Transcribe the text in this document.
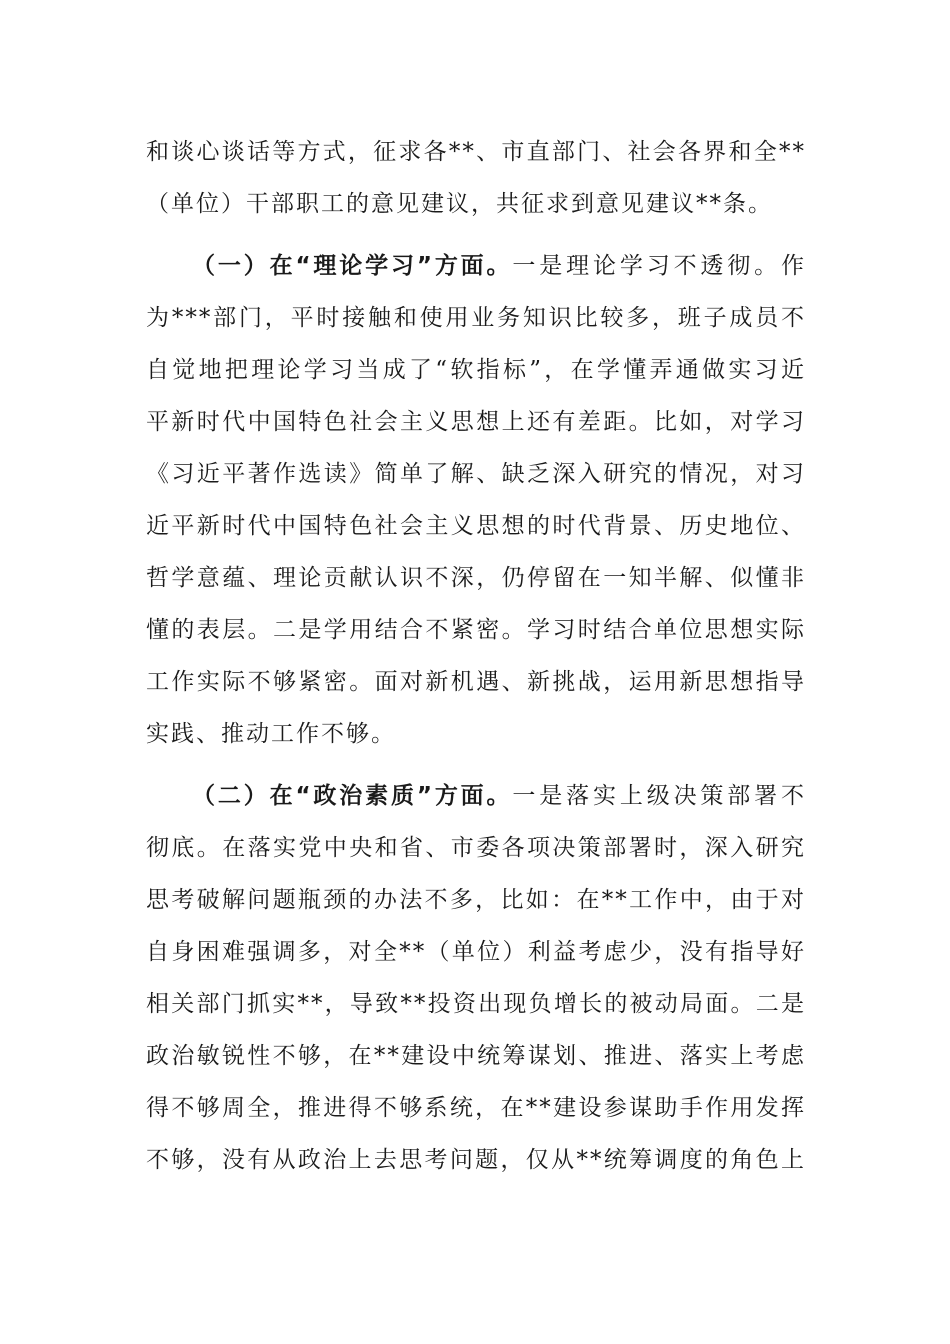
和谈心谈话等方式，征求各**、市直部门、社会各界和全**
（单位）干部职工的意见建议，共征求到意见建议**条。
（一）在“理论学习”方面。一是理论学习不透彻。作
为***部门，平时接触和使用业务知识比较多，班子成员不
自觉地把理论学习当成了“软指标”，在学懂弄通做实习近
平新时代中国特色社会主义思想上还有差距。比如，对学习
《习近平著作选读》简单了解、缺乏深入研究的情况，对习
近平新时代中国特色社会主义思想的时代背景、历史地位、
哲学意蕴、理论贡献认识不深，仍停留在一知半解、似懂非
懂的表层。二是学用结合不紧密。学习时结合单位思想实际
工作实际不够紧密。面对新机遇、新挑战，运用新思想指导
实践、推动工作不够。
（二）在“政治素质”方面。一是落实上级决策部署不
彻底。在落实党中央和省、市委各项决策部署时，深入研究
思考破解问题瓶颈的办法不多，比如：在**工作中，由于对
自身困难强调多，对全**（单位）利益考虑少，没有指导好
相关部门抓实**，导致**投资出现负增长的被动局面。二是
政治敏锐性不够，在**建设中统筹谋划、推进、落实上考虑
得不够周全，推进得不够系统，在**建设参谋助手作用发挥
不够，没有从政治上去思考问题，仅从**统筹调度的角色上
